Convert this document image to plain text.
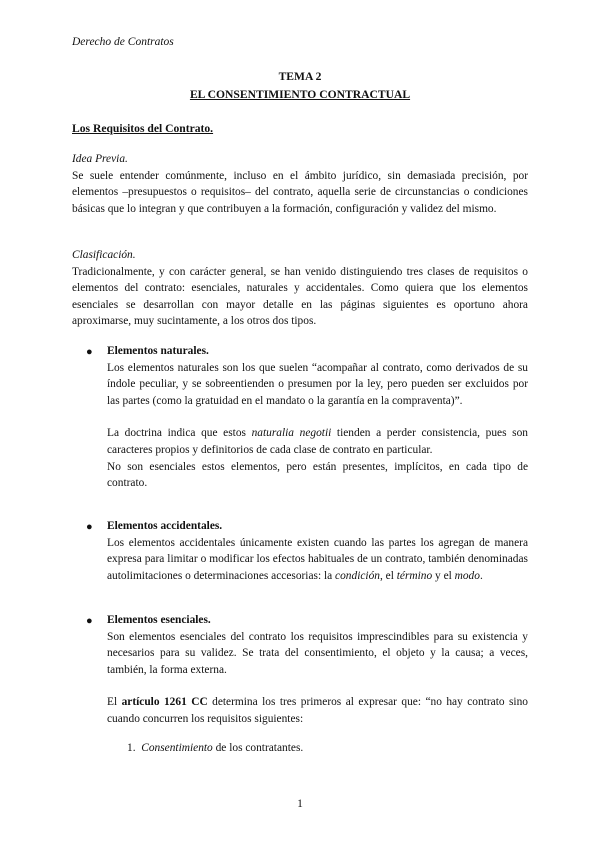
Derecho de Contratos
TEMA 2
EL CONSENTIMIENTO CONTRACTUAL
Los Requisitos del Contrato.

Idea Previa.

Se suele entender comúnmente, incluso en el ámbito jurídico, sin demasiada precisión, por elementos –presupuestos o requisitos– del contrato, aquella serie de circunstancias o condiciones básicas que lo integran y que contribuyen a la formación, configuración y validez del mismo.

Clasificación.

Tradicionalmente, y con carácter general, se han venido distinguiendo tres clases de requisitos o elementos del contrato: esenciales, naturales y accidentales. Como quiera que los elementos esenciales se desarrollan con mayor detalle en las páginas siguientes es oportuno ahora aproximarse, muy sucintamente, a los otros dos tipos.

● Elementos naturales.

Los elementos naturales son los que suelen “acompañar al contrato, como derivados de su índole peculiar, y se sobreentienden o presumen por la ley, pero pueden ser excluidos por las partes (como la gratuidad en el mandato o la garantía en la compraventa)”.

La doctrina indica que estos naturalia negotii tienden a perder consistencia, pues son caracteres propios y definitorios de cada clase de contrato en particular.

No son esenciales estos elementos, pero están presentes, implícitos, en cada tipo de contrato.

● Elementos accidentales.

Los elementos accidentales únicamente existen cuando las partes los agregan de manera expresa para limitar o modificar los efectos habituales de un contrato, también denominadas autolimitaciones o determinaciones accesorias: la condición, el término y el modo.

● Elementos esenciales.

Son elementos esenciales del contrato los requisitos imprescindibles para su existencia y necesarios para su validez. Se trata del consentimiento, el objeto y la causa; a veces, también, la forma externa.

El artículo 1261 CC determina los tres primeros al expresar que: “no hay contrato sino cuando concurren los requisitos siguientes:

1. Consentimiento de los contratantes.
1
